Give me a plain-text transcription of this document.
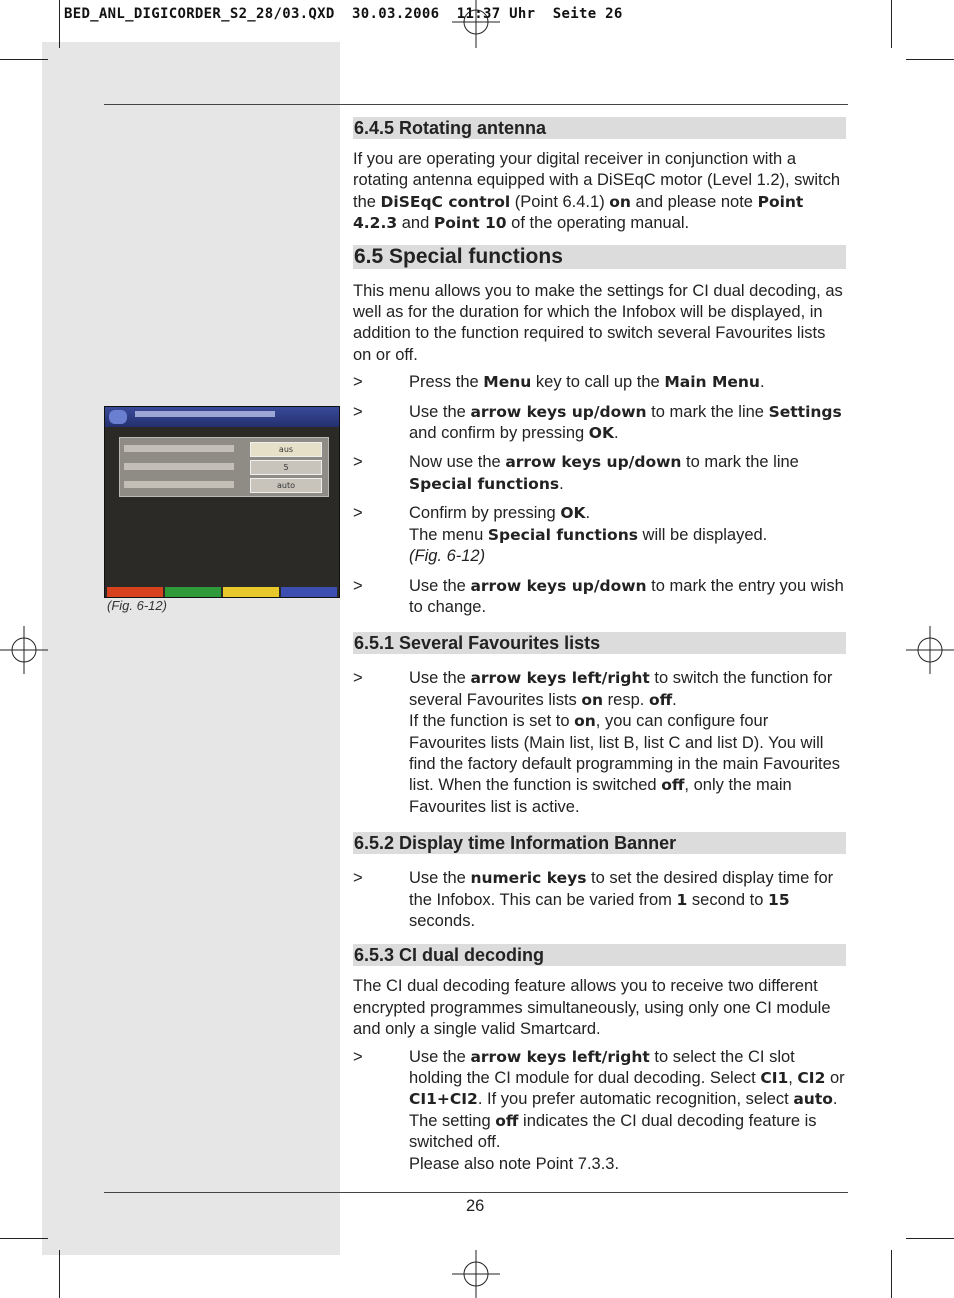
BED_ANL_DIGICORDER_S2_28/03.QXD  30.03.2006  11:37 Uhr  Seite 26
aus
5
auto
(Fig. 6-12)
6.4.5 Rotating antenna

If you are operating your digital receiver in conjunction with a rotating antenna equipped with a DiSEqC motor (Level 1.2), switch the DiSEqC control (Point 6.4.1) on and please note Point 4.2.3 and Point 10 of the operating manual.

6.5 Special functions

This menu allows you to make the settings for CI dual decoding, as well as for the duration for which the Infobox will be displayed, in addition to the function required to switch several Favourites lists on or off.

>	Press the Menu key to call up the Main Menu.
>	Use the arrow keys up/down to mark the line Settings and confirm by pressing OK.
>	Now use the arrow keys up/down to mark the line Special functions.
>	Confirm by pressing OK.
The menu Special functions will be displayed.
(Fig. 6-12)
>	Use the arrow keys up/down to mark the entry you wish to change.
6.5.1 Several Favourites lists
>	Use the arrow keys left/right to switch the function for several Favourites lists on resp. off.
If the function is set to on, you can configure four Favourites lists (Main list, list B, list C and list D). You will find the factory default programming in the main Favourites list. When the function is switched off, only the main Favourites list is active.
6.5.2 Display time Information Banner
>	Use the numeric keys to set the desired display time for the Infobox. This can be varied from 1 second to 15 seconds.
6.5.3 CI dual decoding

The CI dual decoding feature allows you to receive two different encrypted programmes simultaneously, using only one CI module and only a single valid Smartcard.

>	Use the arrow keys left/right to select the CI slot holding the CI module for dual decoding. Select CI1, CI2 or CI1+CI2. If you prefer automatic recognition, select auto. The setting off indicates the CI dual decoding feature is switched off.
Please also note Point 7.3.3.
26
